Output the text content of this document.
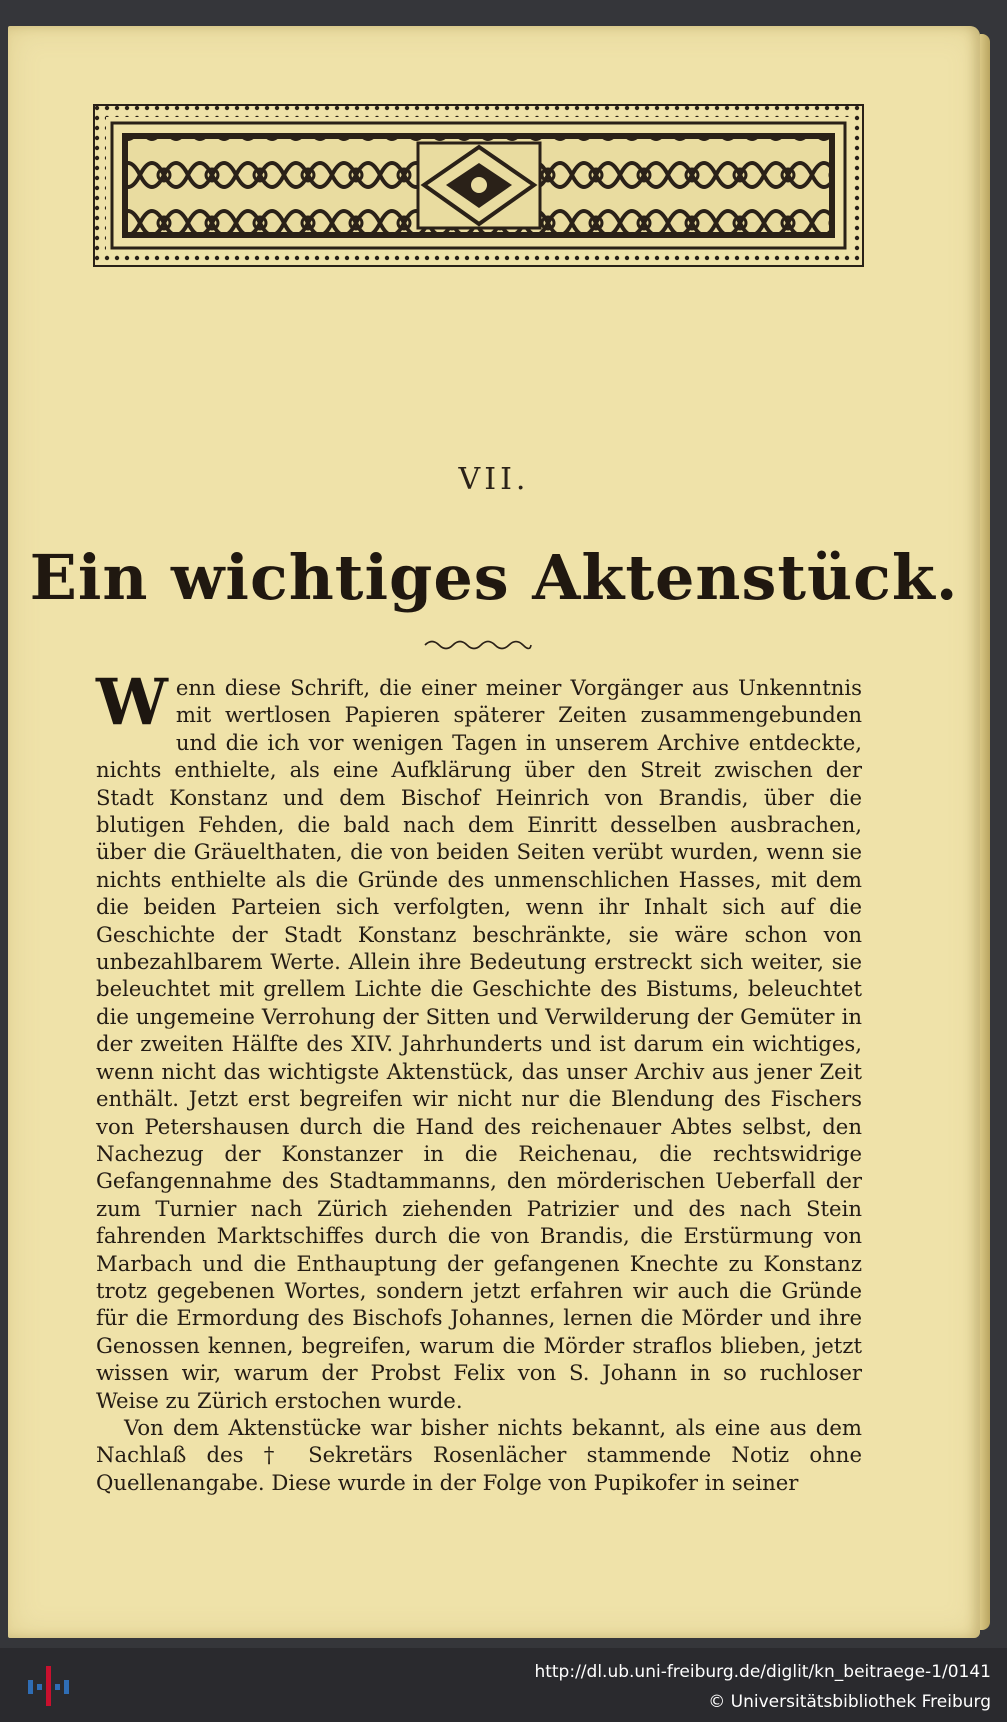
VII.
Ein wichtiges Aktenstück.

Wenn diese Schrift, die einer meiner Vorgänger aus Unkenntnis mit wertlosen Papieren späterer Zeiten zusammengebunden und die ich vor wenigen Tagen in unserem Archive entdeckte, nichts enthielte, als eine Aufklärung über den Streit zwischen der Stadt Konstanz und dem Bischof Heinrich von Brandis, über die blutigen Fehden, die bald nach dem Einritt desselben ausbrachen, über die Gräuelthaten, die von beiden Seiten verübt wurden, wenn sie nichts enthielte als die Gründe des unmenschlichen Hasses, mit dem die beiden Parteien sich verfolgten, wenn ihr Inhalt sich auf die Geschichte der Stadt Konstanz beschränkte, sie wäre schon von unbezahlbarem Werte. Allein ihre Bedeutung erstreckt sich weiter, sie beleuchtet mit grellem Lichte die Geschichte des Bistums, beleuchtet die ungemeine Verrohung der Sitten und Verwilderung der Gemüter in der zweiten Hälfte des XIV. Jahrhunderts und ist darum ein wichtiges, wenn nicht das wichtigste Aktenstück, das unser Archiv aus jener Zeit enthält. Jetzt erst begreifen wir nicht nur die Blendung des Fischers von Petershausen durch die Hand des reichenauer Abtes selbst, den Nachezug der Konstanzer in die Reichenau, die rechtswidrige Gefangennahme des Stadtammanns, den mörderischen Ueberfall der zum Turnier nach Zürich ziehenden Patrizier und des nach Stein fahrenden Marktschiffes durch die von Brandis, die Erstürmung von Marbach und die Enthauptung der gefangenen Knechte zu Konstanz trotz gegebenen Wortes, sondern jetzt erfahren wir auch die Gründe für die Ermordung des Bischofs Johannes, lernen die Mörder und ihre Genossen kennen, begreifen, warum die Mörder straflos blieben, jetzt wissen wir, warum der Probst Felix von S. Johann in so ruchloser Weise zu Zürich erstochen wurde.

Von dem Aktenstücke war bisher nichts bekannt, als eine aus dem Nachlaß des † Sekretärs Rosenlächer stammende Notiz ohne Quellenangabe. Diese wurde in der Folge von Pupikofer in seiner

http://dl.ub.uni-freiburg.de/diglit/kn_beitraege-1/0141
© Universitätsbibliothek Freiburg
